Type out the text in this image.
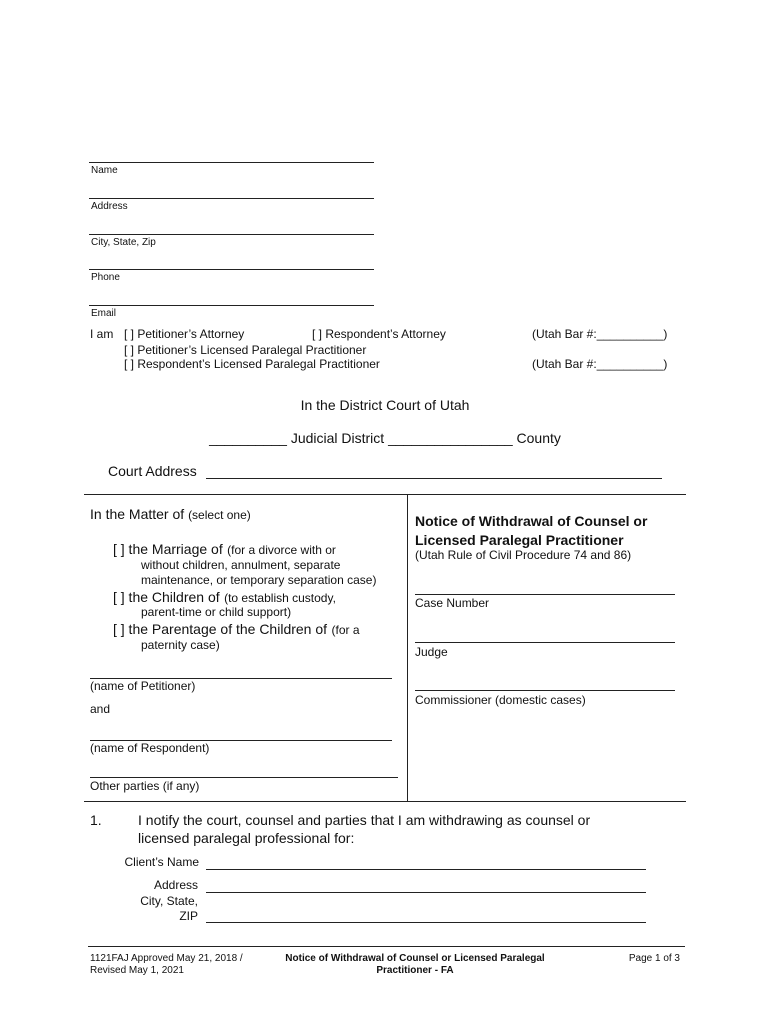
Name
Address
City, State, Zip
Phone
Email
I am [ ] Petitioner’s Attorney	[ ] Respondent’s Attorney	(Utah Bar #:__________)
[ ] Petitioner’s Licensed Paralegal Practitioner
[ ] Respondent’s Licensed Paralegal Practitioner	(Utah Bar #:__________)
In the District Court of Utah
__________ Judicial District ________________ County
Court Address
In the Matter of (select one)
[ ] the Marriage of (for a divorce with or
without children, annulment, separate
maintenance, or temporary separation case)
[ ] the Children of (to establish custody,
parent-time or child support)
[ ] the Parentage of the Children of (for a
paternity case)
(name of Petitioner)
and
(name of Respondent)
Other parties (if any)
Notice of Withdrawal of Counsel or
Licensed Paralegal Practitioner
(Utah Rule of Civil Procedure 74 and 86)
Case Number
Judge
Commissioner (domestic cases)
1.	I notify the court, counsel and parties that I am withdrawing as counsel or
licensed paralegal professional for:
Client’s Name
Address
City, State,
ZIP
1121FAJ Approved May 21, 2018 /
Revised May 1, 2021
Notice of Withdrawal of Counsel or Licensed Paralegal
Practitioner - FA
Page 1 of 3
